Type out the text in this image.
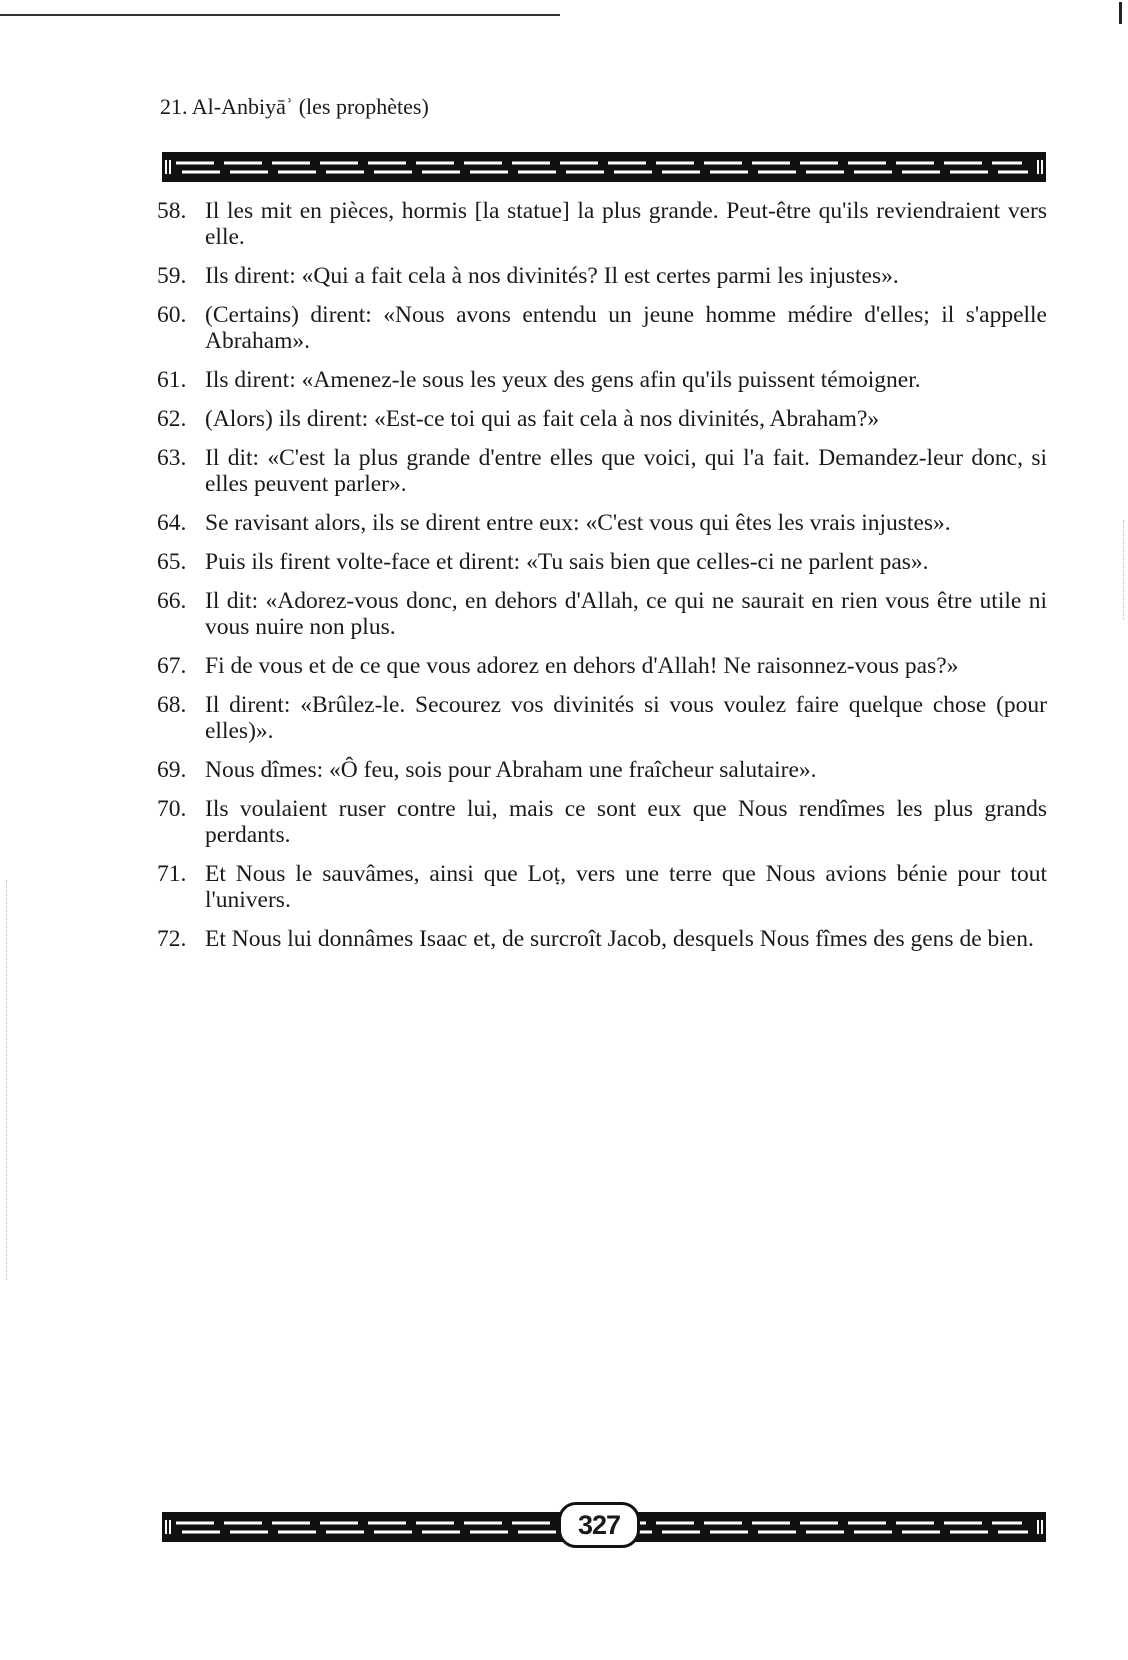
21. Al-Anbiyāʾ (les prophètes)
58. Il les mit en pièces, hormis [la statue] la plus grande. Peut-être qu'ils reviendraient vers elle.
59. Ils dirent: «Qui a fait cela à nos divinités? Il est certes parmi les injustes».
60. (Certains) dirent: «Nous avons entendu un jeune homme médire d'elles; il s'appelle Abraham».
61. Ils dirent: «Amenez-le sous les yeux des gens afin qu'ils puissent témoigner.
62. (Alors) ils dirent: «Est-ce toi qui as fait cela à nos divinités, Abraham?»
63. Il dit: «C'est la plus grande d'entre elles que voici, qui l'a fait. Demandez-leur donc, si elles peuvent parler».
64. Se ravisant alors, ils se dirent entre eux: «C'est vous qui êtes les vrais injustes».
65. Puis ils firent volte-face et dirent: «Tu sais bien que celles-ci ne parlent pas».
66. Il dit: «Adorez-vous donc, en dehors d'Allah, ce qui ne saurait en rien vous être utile ni vous nuire non plus.
67. Fi de vous et de ce que vous adorez en dehors d'Allah! Ne raisonnez-vous pas?»
68. Il dirent: «Brûlez-le. Secourez vos divinités si vous voulez faire quelque chose (pour elles)».
69. Nous dîmes: «Ô feu, sois pour Abraham une fraîcheur salutaire».
70. Ils voulaient ruser contre lui, mais ce sont eux que Nous rendîmes les plus grands perdants.
71. Et Nous le sauvâmes, ainsi que Loṭ, vers une terre que Nous avions bénie pour tout l'univers.
72. Et Nous lui donnâmes Isaac et, de surcroît Jacob, desquels Nous fîmes des gens de bien.
327
